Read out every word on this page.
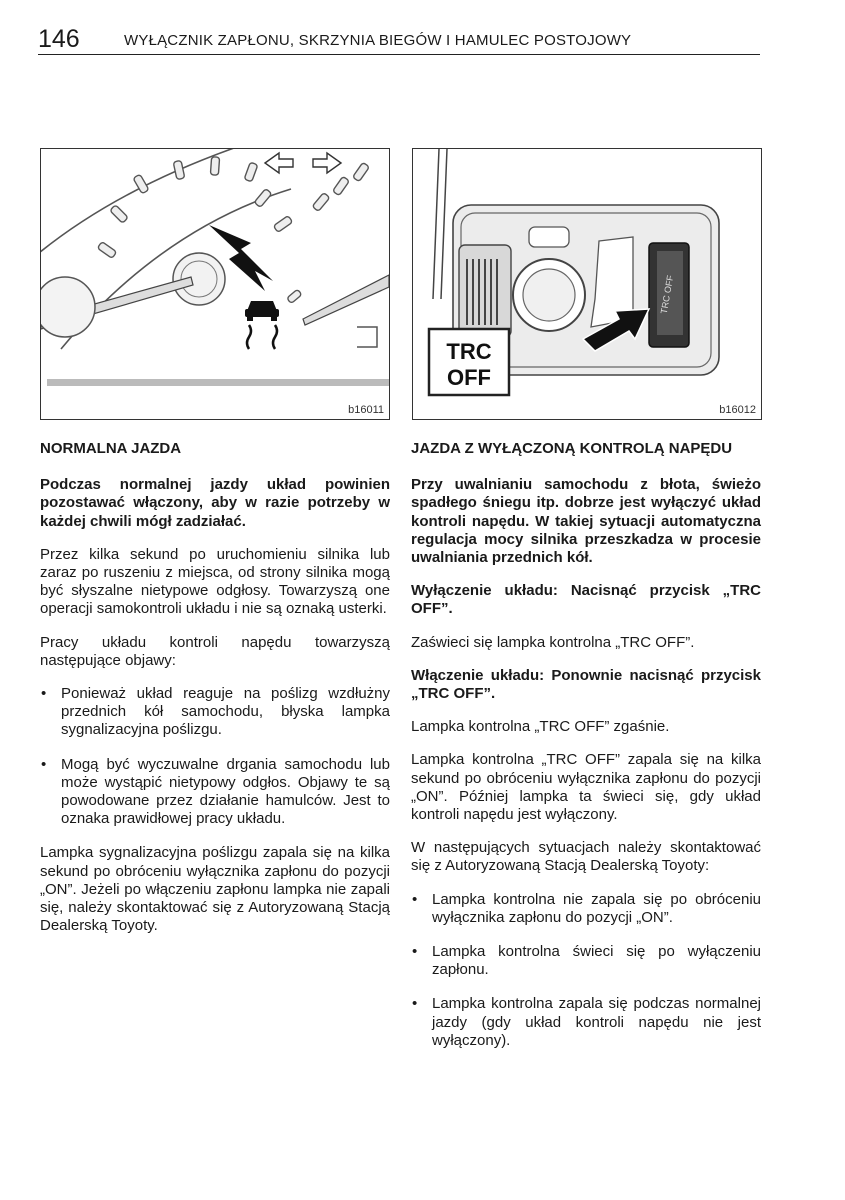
146	WYŁĄCZNIK ZAPŁONU, SKRZYNIA BIEGÓW I HAMULEC POSTOJOWY
b16011
TRC OFF
TRC
OFF
b16012
NORMALNA JAZDA

Podczas normalnej jazdy układ powinien pozostawać włączony, aby w razie potrzeby w każdej chwili mógł zadziałać.

Przez kilka sekund po uruchomieniu silnika lub zaraz po ruszeniu z miejsca, od strony silnika mogą być słyszalne nietypowe odgłosy. Towarzyszą one operacji samokontroli układu i nie są oznaką usterki.

Pracy układu kontroli napędu towarzyszą następujące objawy:

• Ponieważ układ reaguje na poślizg wzdłużny przednich kół samochodu, błyska lampka sygnalizacyjna poślizgu.
• Mogą być wyczuwalne drgania samochodu lub może wystąpić nietypowy odgłos. Objawy te są powodowane przez działanie hamulców. Jest to oznaka prawidłowej pracy układu.

Lampka sygnalizacyjna poślizgu zapala się na kilka sekund po obróceniu wyłącznika zapłonu do pozycji „ON”. Jeżeli po włączeniu zapłonu lampka nie zapali się, należy skontaktować się z Autoryzowaną Stacją Dealerską Toyoty.

JAZDA Z WYŁĄCZONĄ KONTROLĄ NAPĘDU

Przy uwalnianiu samochodu z błota, świeżo spadłego śniegu itp. dobrze jest wyłączyć układ kontroli napędu. W takiej sytuacji automatyczna regulacja mocy silnika przeszkadza w procesie uwalniania przednich kół.

Wyłączenie układu: Nacisnąć przycisk „TRC OFF”.

Zaświeci się lampka kontrolna „TRC OFF”.

Włączenie układu: Ponownie nacisnąć przycisk „TRC OFF”.

Lampka kontrolna „TRC OFF” zgaśnie.

Lampka kontrolna „TRC OFF” zapala się na kilka sekund po obróceniu wyłącznika zapłonu do pozycji „ON”. Później lampka ta świeci się, gdy układ kontroli napędu jest wyłączony.

W następujących sytuacjach należy skontaktować się z Autoryzowaną Stacją Dealerską Toyoty:

• Lampka kontrolna nie zapala się po obróceniu wyłącznika zapłonu do pozycji „ON”.
• Lampka kontrolna świeci się po wyłączeniu zapłonu.
• Lampka kontrolna zapala się podczas normalnej jazdy (gdy układ kontroli napędu nie jest wyłączony).
